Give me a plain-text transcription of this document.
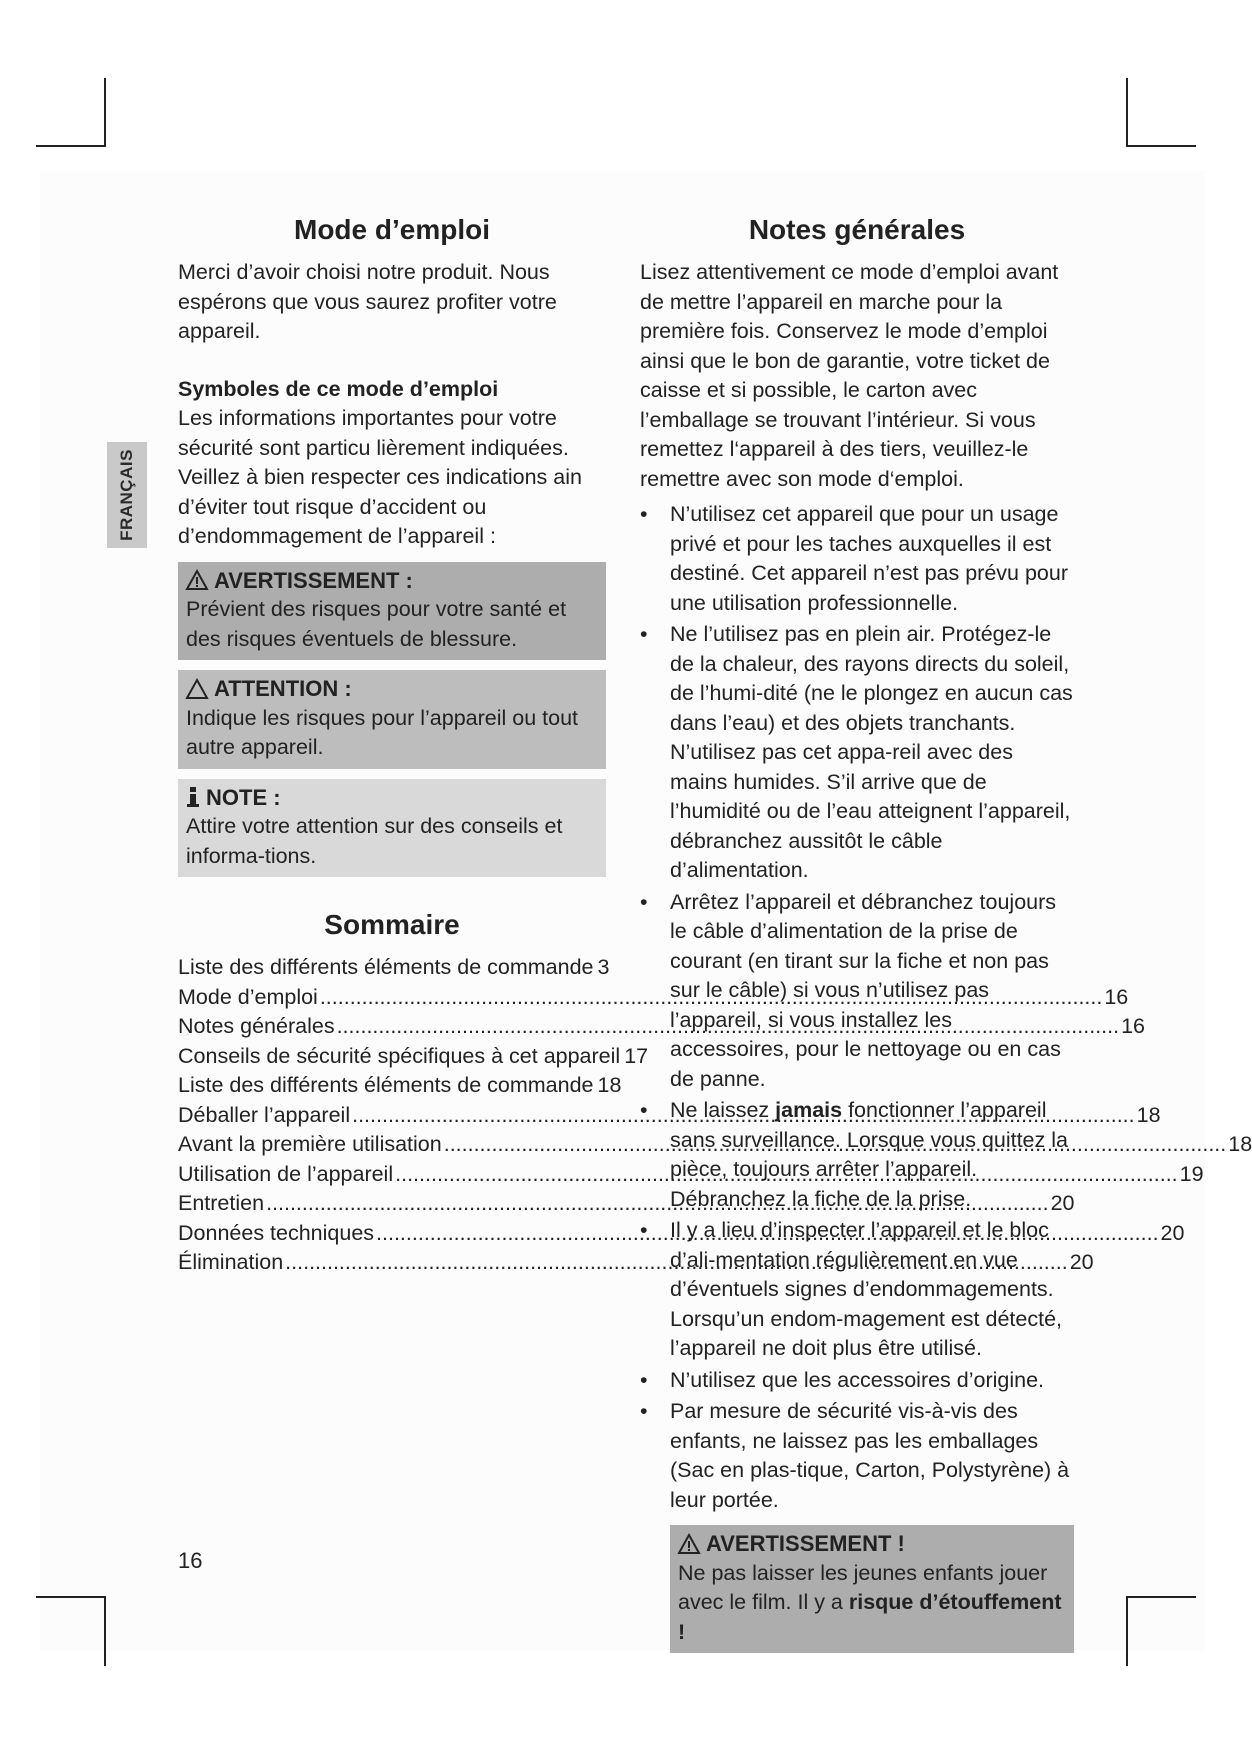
FRANÇAIS
Mode d’emploi

Merci d’avoir choisi notre produit. Nous espérons que vous saurez profiter votre appareil.

Symboles de ce mode d’emploi

Les informations importantes pour votre sécurité sont particu lièrement indiquées. Veillez à bien respecter ces indications ain d’éviter tout risque d’accident ou d’endommagement de l’appareil :

AVERTISSEMENT :

Prévient des risques pour votre santé et des risques éventuels de blessure.

ATTENTION :

Indique les risques pour l’appareil ou tout autre appareil.

NOTE :

Attire votre attention sur des conseils et informa-tions.

Sommaire
Liste des différents éléments de commande 3
Mode d’emploi .....	16
Notes générales .....	16
Conseils de sécurité spécifiques à cet appareil 17
Liste des différents éléments de commande 18
Déballer l’appareil .....	18
Avant la première utilisation .....	18
Utilisation de l’appareil .....	19
Entretien .....	20
Données techniques .....	20
Élimination .....	20
Notes générales

Lisez attentivement ce mode d’emploi avant de mettre l’appareil en marche pour la première fois. Conservez le mode d’emploi ainsi que le bon de garantie, votre ticket de caisse et si possible, le carton avec l’emballage se trouvant l’intérieur. Si vous remettez l‘appareil à des tiers, veuillez-le remettre avec son mode d‘emploi.

• N’utilisez cet appareil que pour un usage privé et pour les taches auxquelles il est destiné. Cet appareil n’est pas prévu pour une utilisation professionnelle.
• Ne l’utilisez pas en plein air. Protégez-le de la chaleur, des rayons directs du soleil, de l’humi-dité (ne le plongez en aucun cas dans l’eau) et des objets tranchants. N’utilisez pas cet appa-reil avec des mains humides. S’il arrive que de l’humidité ou de l’eau atteignent l’appareil, débranchez aussitôt le câble d’alimentation.
• Arrêtez l’appareil et débranchez toujours le câble d’alimentation de la prise de courant (en tirant sur la fiche et non pas sur le câble) si vous n’utilisez pas l’appareil, si vous installez les accessoires, pour le nettoyage ou en cas de panne.
• Ne laissez jamais fonctionner l’appareil sans surveillance. Lorsque vous quittez la pièce, toujours arrêter l’appareil. Débranchez la fiche de la prise.
• Il y a lieu d’inspecter l’appareil et le bloc d’ali-mentation régulièrement en vue d’éventuels signes d’endommagements. Lorsqu’un endom-magement est détecté, l’appareil ne doit plus être utilisé.
• N’utilisez que les accessoires d’origine.
• Par mesure de sécurité vis-à-vis des enfants, ne laissez pas les emballages (Sac en plas-tique, Carton, Polystyrène) à leur portée.
AVERTISSEMENT !

Ne pas laisser les jeunes enfants jouer avec le film. Il y a risque d’étouffement !

16
